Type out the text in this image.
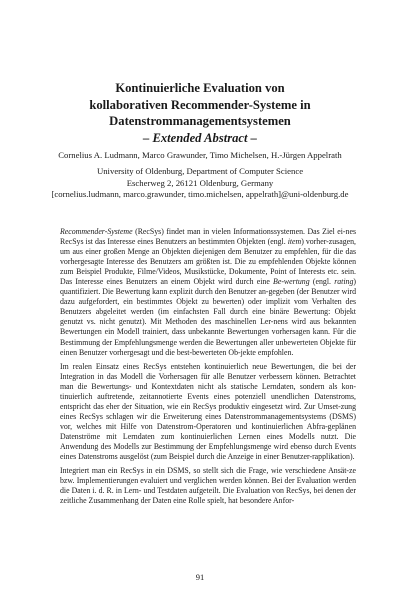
Kontinuierliche Evaluation von
kollaborativen Recommender-Systeme in
Datenstrommanagementsystemen
– Extended Abstract –
Cornelius A. Ludmann, Marco Grawunder, Timo Michelsen, H.-Jürgen Appelrath
University of Oldenburg, Department of Computer Science
Escherweg 2, 26121 Oldenburg, Germany
[cornelius.ludmann, marco.grawunder, timo.michelsen, appelrath]@uni-oldenburg.de

Recommender-Systeme (RecSys) findet man in vielen Informationssystemen. Das Ziel ei-nes RecSys ist das Interesse eines Benutzers an bestimmten Objekten (engl. item) vorher-zusagen, um aus einer großen Menge an Objekten diejenigen dem Benutzer zu empfehlen, für die das vorhergesagte Interesse des Benutzers am größten ist. Die zu empfehlenden Objekte können zum Beispiel Produkte, Filme/Videos, Musikstücke, Dokumente, Point of Interests etc. sein. Das Interesse eines Benutzers an einem Objekt wird durch eine Be-wertung (engl. rating) quantifiziert. Die Bewertung kann explizit durch den Benutzer an-gegeben (der Benutzer wird dazu aufgefordert, ein bestimmtes Objekt zu bewerten) oder implizit vom Verhalten des Benutzers abgeleitet werden (im einfachsten Fall durch eine binäre Bewertung: Objekt genutzt vs. nicht genutzt). Mit Methoden des maschinellen Ler-nens wird aus bekannten Bewertungen ein Modell trainiert, dass unbekannte Bewertungen vorhersagen kann. Für die Bestimmung der Empfehlungsmenge werden die Bewertungen aller unbewerteten Objekte für einen Benutzer vorhergesagt und die best-bewerteten Ob-jekte empfohlen.

Im realen Einsatz eines RecSys entstehen kontinuierlich neue Bewertungen, die bei der Integration in das Modell die Vorhersagen für alle Benutzer verbessern können. Betrachtet man die Bewertungs- und Kontextdaten nicht als statische Lerndaten, sondern als kon-tinuierlich auftretende, zeitannotierte Events eines potenziell unendlichen Datenstroms, entspricht das eher der Situation, wie ein RecSys produktiv eingesetzt wird. Zur Umset-zung eines RecSys schlagen wir die Erweiterung eines Datenstrommanagementsystems (DSMS) vor, welches mit Hilfe von Datenstrom-Operatoren und kontinuierlichen Abfra-geplänen Datenströme mit Lerndaten zum kontinuierlichen Lernen eines Modells nutzt. Die Anwendung des Modells zur Bestimmung der Empfehlungsmenge wird ebenso durch Events eines Datenstroms ausgelöst (zum Beispiel durch die Anzeige in einer Benutzer-rapplikation).

Integriert man ein RecSys in ein DSMS, so stellt sich die Frage, wie verschiedene Ansät-ze bzw. Implementierungen evaluiert und verglichen werden können. Bei der Evaluation werden die Daten i. d. R. in Lern- und Testdaten aufgeteilt. Die Evaluation von RecSys, bei denen der zeitliche Zusammenhang der Daten eine Rolle spielt, hat besondere Anfor-

91
